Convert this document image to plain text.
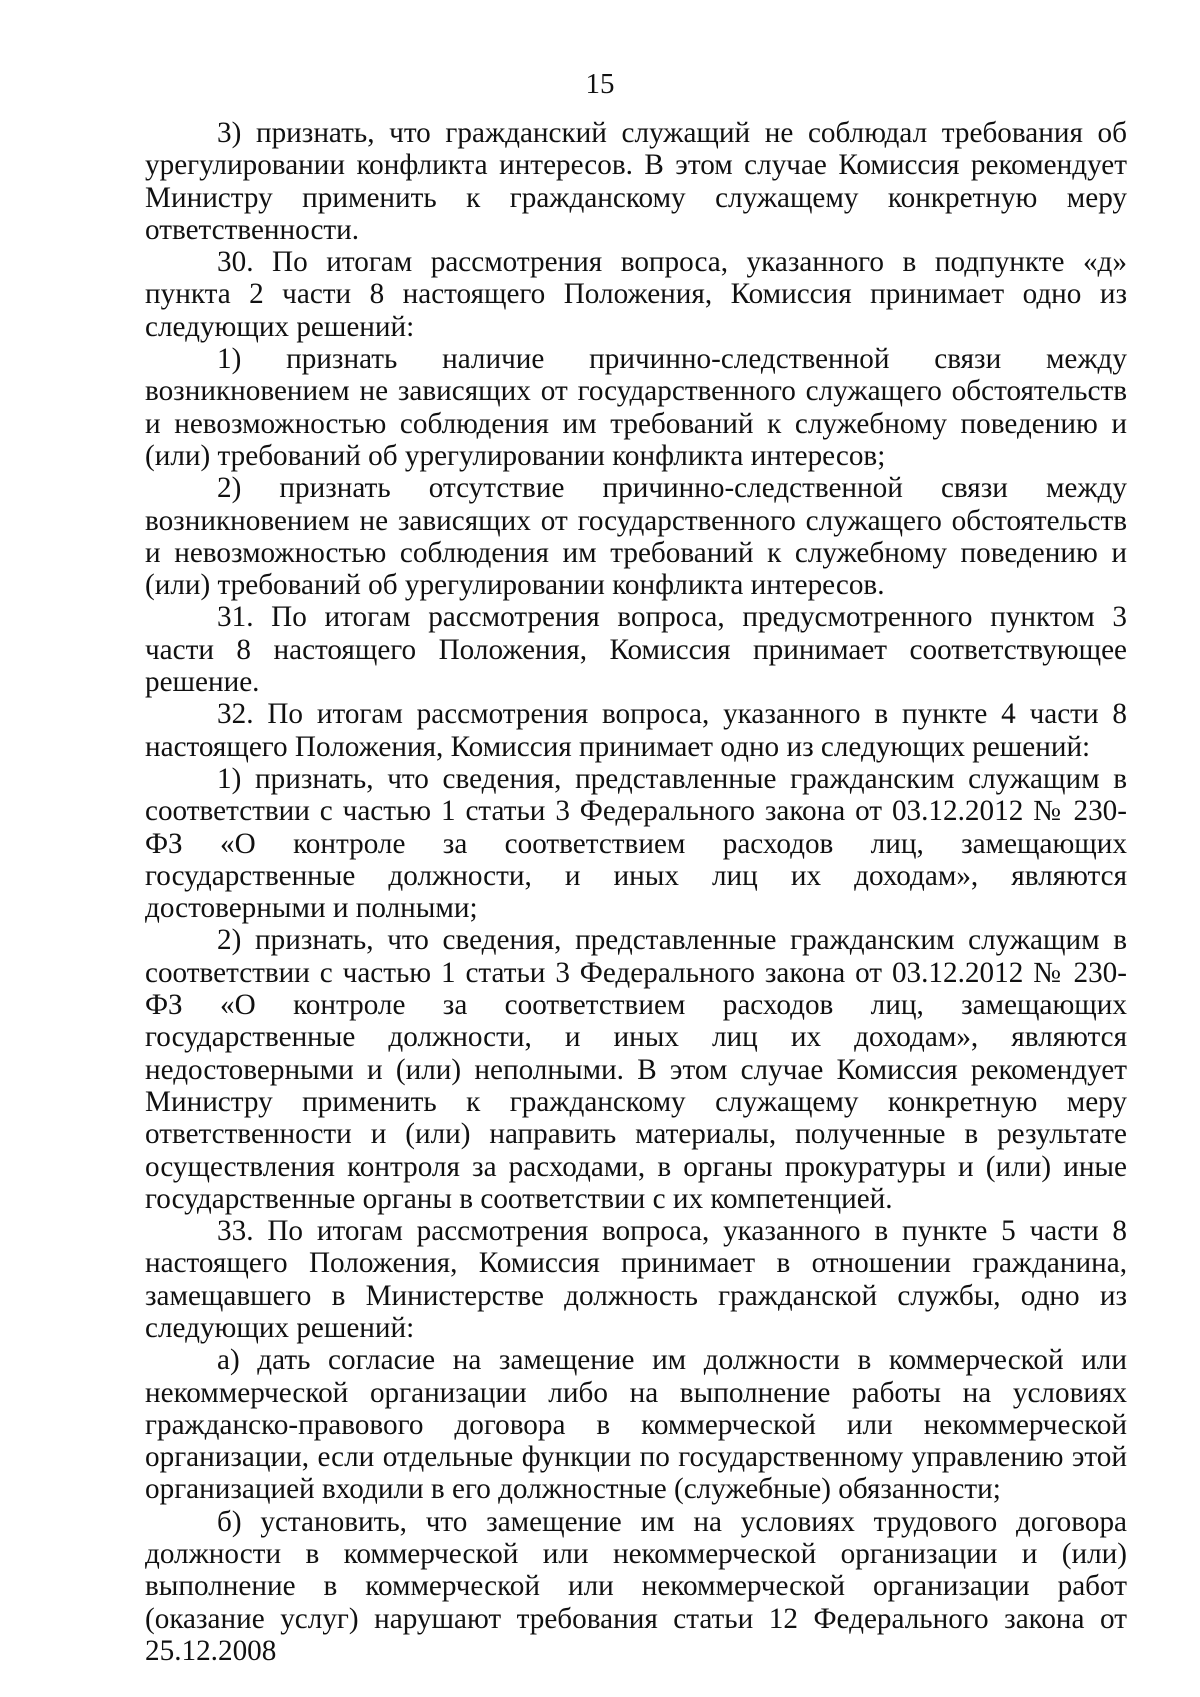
15

3) признать, что гражданский служащий не соблюдал требования об урегулировании конфликта интересов. В этом случае Комиссия рекомендует Министру применить к гражданскому служащему конкретную меру ответственности.

30. По итогам рассмотрения вопроса, указанного в подпункте «д» пункта 2 части 8 настоящего Положения, Комиссия принимает одно из следующих решений:

1) признать наличие причинно-следственной связи между возникновением не зависящих от государственного служащего обстоятельств и невозможностью соблюдения им требований к служебному поведению и (или) требований об урегулировании конфликта интересов;

2) признать отсутствие причинно-следственной связи между возникновением не зависящих от государственного служащего обстоятельств и невозможностью соблюдения им требований к служебному поведению и (или) требований об урегулировании конфликта интересов.

31. По итогам рассмотрения вопроса, предусмотренного пунктом 3 части 8 настоящего Положения, Комиссия принимает соответствующее решение.

32. По итогам рассмотрения вопроса, указанного в пункте 4 части 8 настоящего Положения, Комиссия принимает одно из следующих решений:

1) признать, что сведения, представленные гражданским служащим в соответствии с частью 1 статьи 3 Федерального закона от 03.12.2012 № 230-ФЗ «О контроле за соответствием расходов лиц, замещающих государственные должности, и иных лиц их доходам», являются достоверными и полными;

2) признать, что сведения, представленные гражданским служащим в соответствии с частью 1 статьи 3 Федерального закона от 03.12.2012 № 230-ФЗ «О контроле за соответствием расходов лиц, замещающих государственные должности, и иных лиц их доходам», являются недостоверными и (или) неполными. В этом случае Комиссия рекомендует Министру применить к гражданскому служащему конкретную меру ответственности и (или) направить материалы, полученные в результате осуществления контроля за расходами, в органы прокуратуры и (или) иные государственные органы в соответствии с их компетенцией.

33. По итогам рассмотрения вопроса, указанного в пункте 5 части 8 настоящего Положения, Комиссия принимает в отношении гражданина, замещавшего в Министерстве должность гражданской службы, одно из следующих решений:

а) дать согласие на замещение им должности в коммерческой или некоммерческой организации либо на выполнение работы на условиях гражданско-правового договора в коммерческой или некоммерческой организации, если отдельные функции по государственному управлению этой организацией входили в его должностные (служебные) обязанности;

б) установить, что замещение им на условиях трудового договора должности в коммерческой или некоммерческой организации и (или) выполнение в коммерческой или некоммерческой организации работ (оказание услуг) нарушают требования статьи 12 Федерального закона от 25.12.2008
